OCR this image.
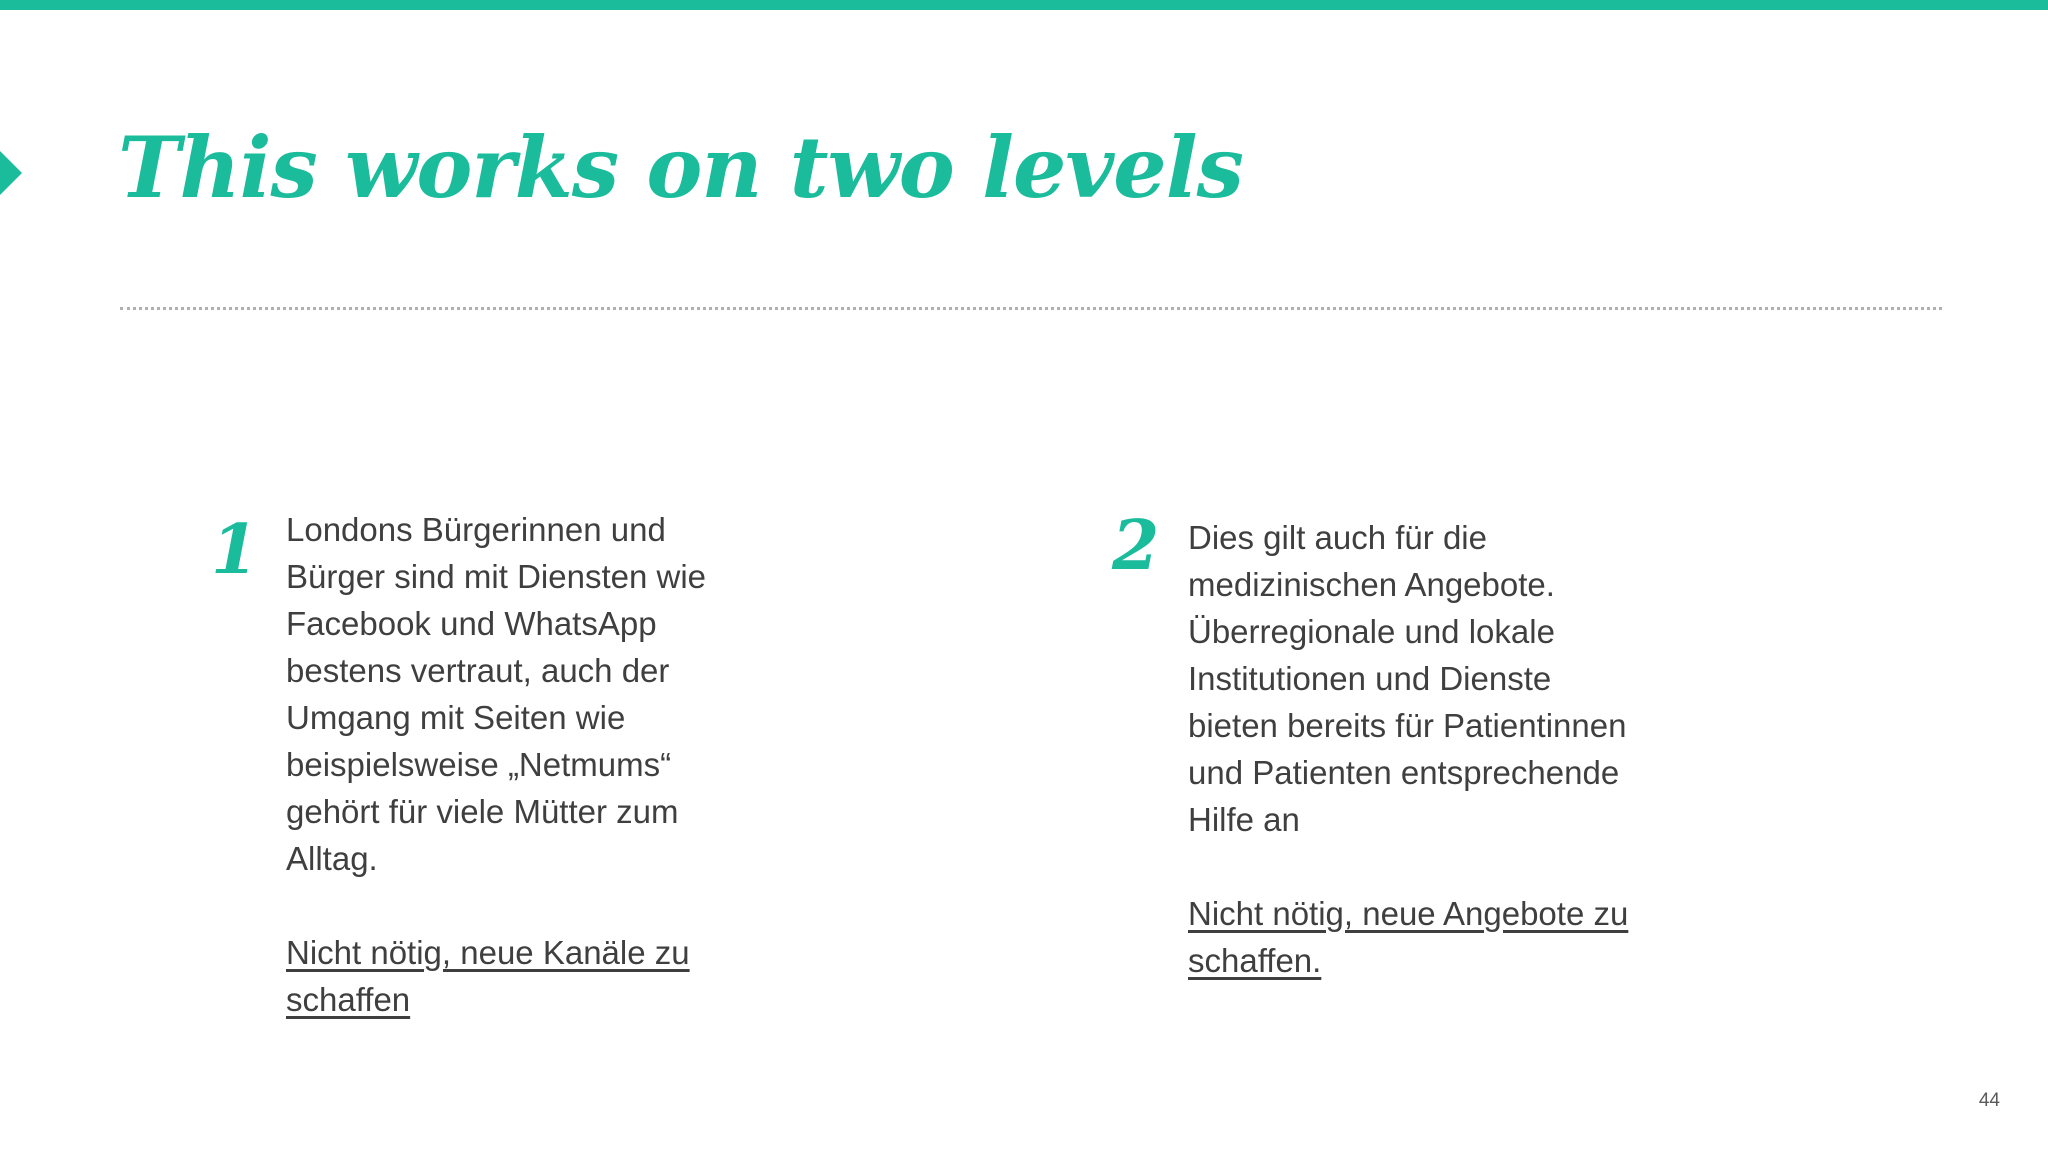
This works on two levels
1 Londons Bürgerinnen und

Bürger sind mit Diensten wie

Facebook und WhatsApp

bestens vertraut, auch der

Umgang mit Seiten wie

beispielsweise „Netmums“

gehört für viele Mütter zum

Alltag.

Nicht nötig, neue Kanäle zu

schaffen

2 Dies gilt auch für die

medizinischen Angebote.

Überregionale und lokale

Institutionen und Dienste

bieten bereits für Patientinnen

und Patienten entsprechende

Hilfe an

Nicht nötig, neue Angebote zu

schaffen.

44
